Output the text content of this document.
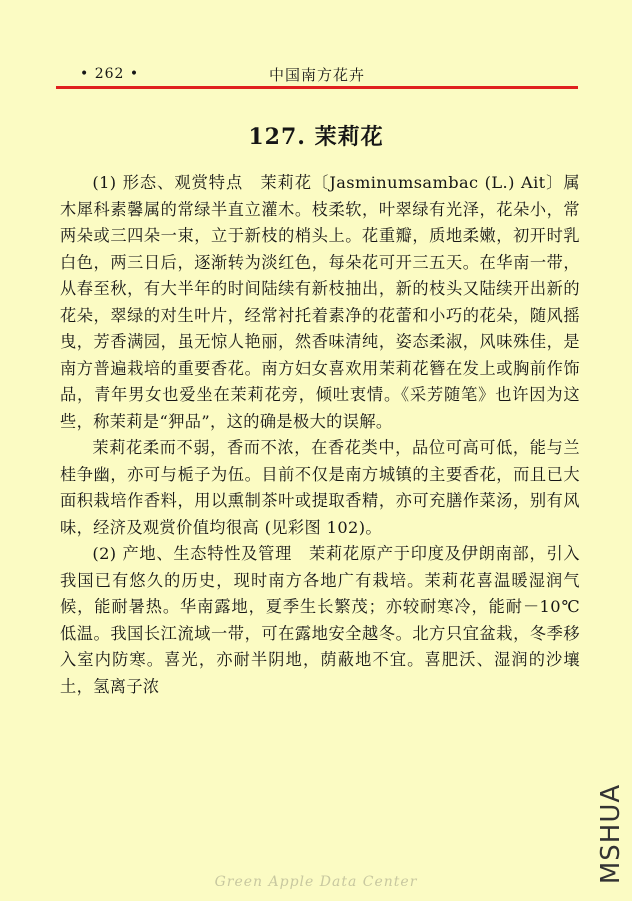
• 262 •	中国南方花卉
127. 茉莉花

(1) 形态、观赏特点　茉莉花〔Jasminumsambac (L.) Ait〕属木犀科素馨属的常绿半直立灌木。枝柔软，叶翠绿有光泽，花朵小，常两朵或三四朵一束，立于新枝的梢头上。花重瓣，质地柔嫩，初开时乳白色，两三日后，逐渐转为淡红色，每朵花可开三五天。在华南一带，从春至秋，有大半年的时间陆续有新枝抽出，新的枝头又陆续开出新的花朵，翠绿的对生叶片，经常衬托着素净的花蕾和小巧的花朵，随风摇曳，芳香满园，虽无惊人艳丽，然香味清纯，姿态柔淑，风味殊佳，是南方普遍栽培的重要香花。南方妇女喜欢用茉莉花簪在发上或胸前作饰品，青年男女也爱坐在茉莉花旁，倾吐衷情。《采芳随笔》也许因为这些，称茉莉是“狎品”，这的确是极大的误解。

茉莉花柔而不弱，香而不浓，在香花类中，品位可高可低，能与兰桂争幽，亦可与栀子为伍。目前不仅是南方城镇的主要香花，而且已大面积栽培作香料，用以熏制茶叶或提取香精，亦可充膳作菜汤，别有风味，经济及观赏价值均很高 (见彩图 102)。

(2) 产地、生态特性及管理　茉莉花原产于印度及伊朗南部，引入我国已有悠久的历史，现时南方各地广有栽培。茉莉花喜温暖湿润气候，能耐暑热。华南露地，夏季生长繁茂；亦较耐寒冷，能耐－10℃低温。我国长江流域一带，可在露地安全越冬。北方只宜盆栽，冬季移入室内防寒。喜光，亦耐半阴地，荫蔽地不宜。喜肥沃、湿润的沙壤土，氢离子浓

MSHUA
Green Apple Data Center
